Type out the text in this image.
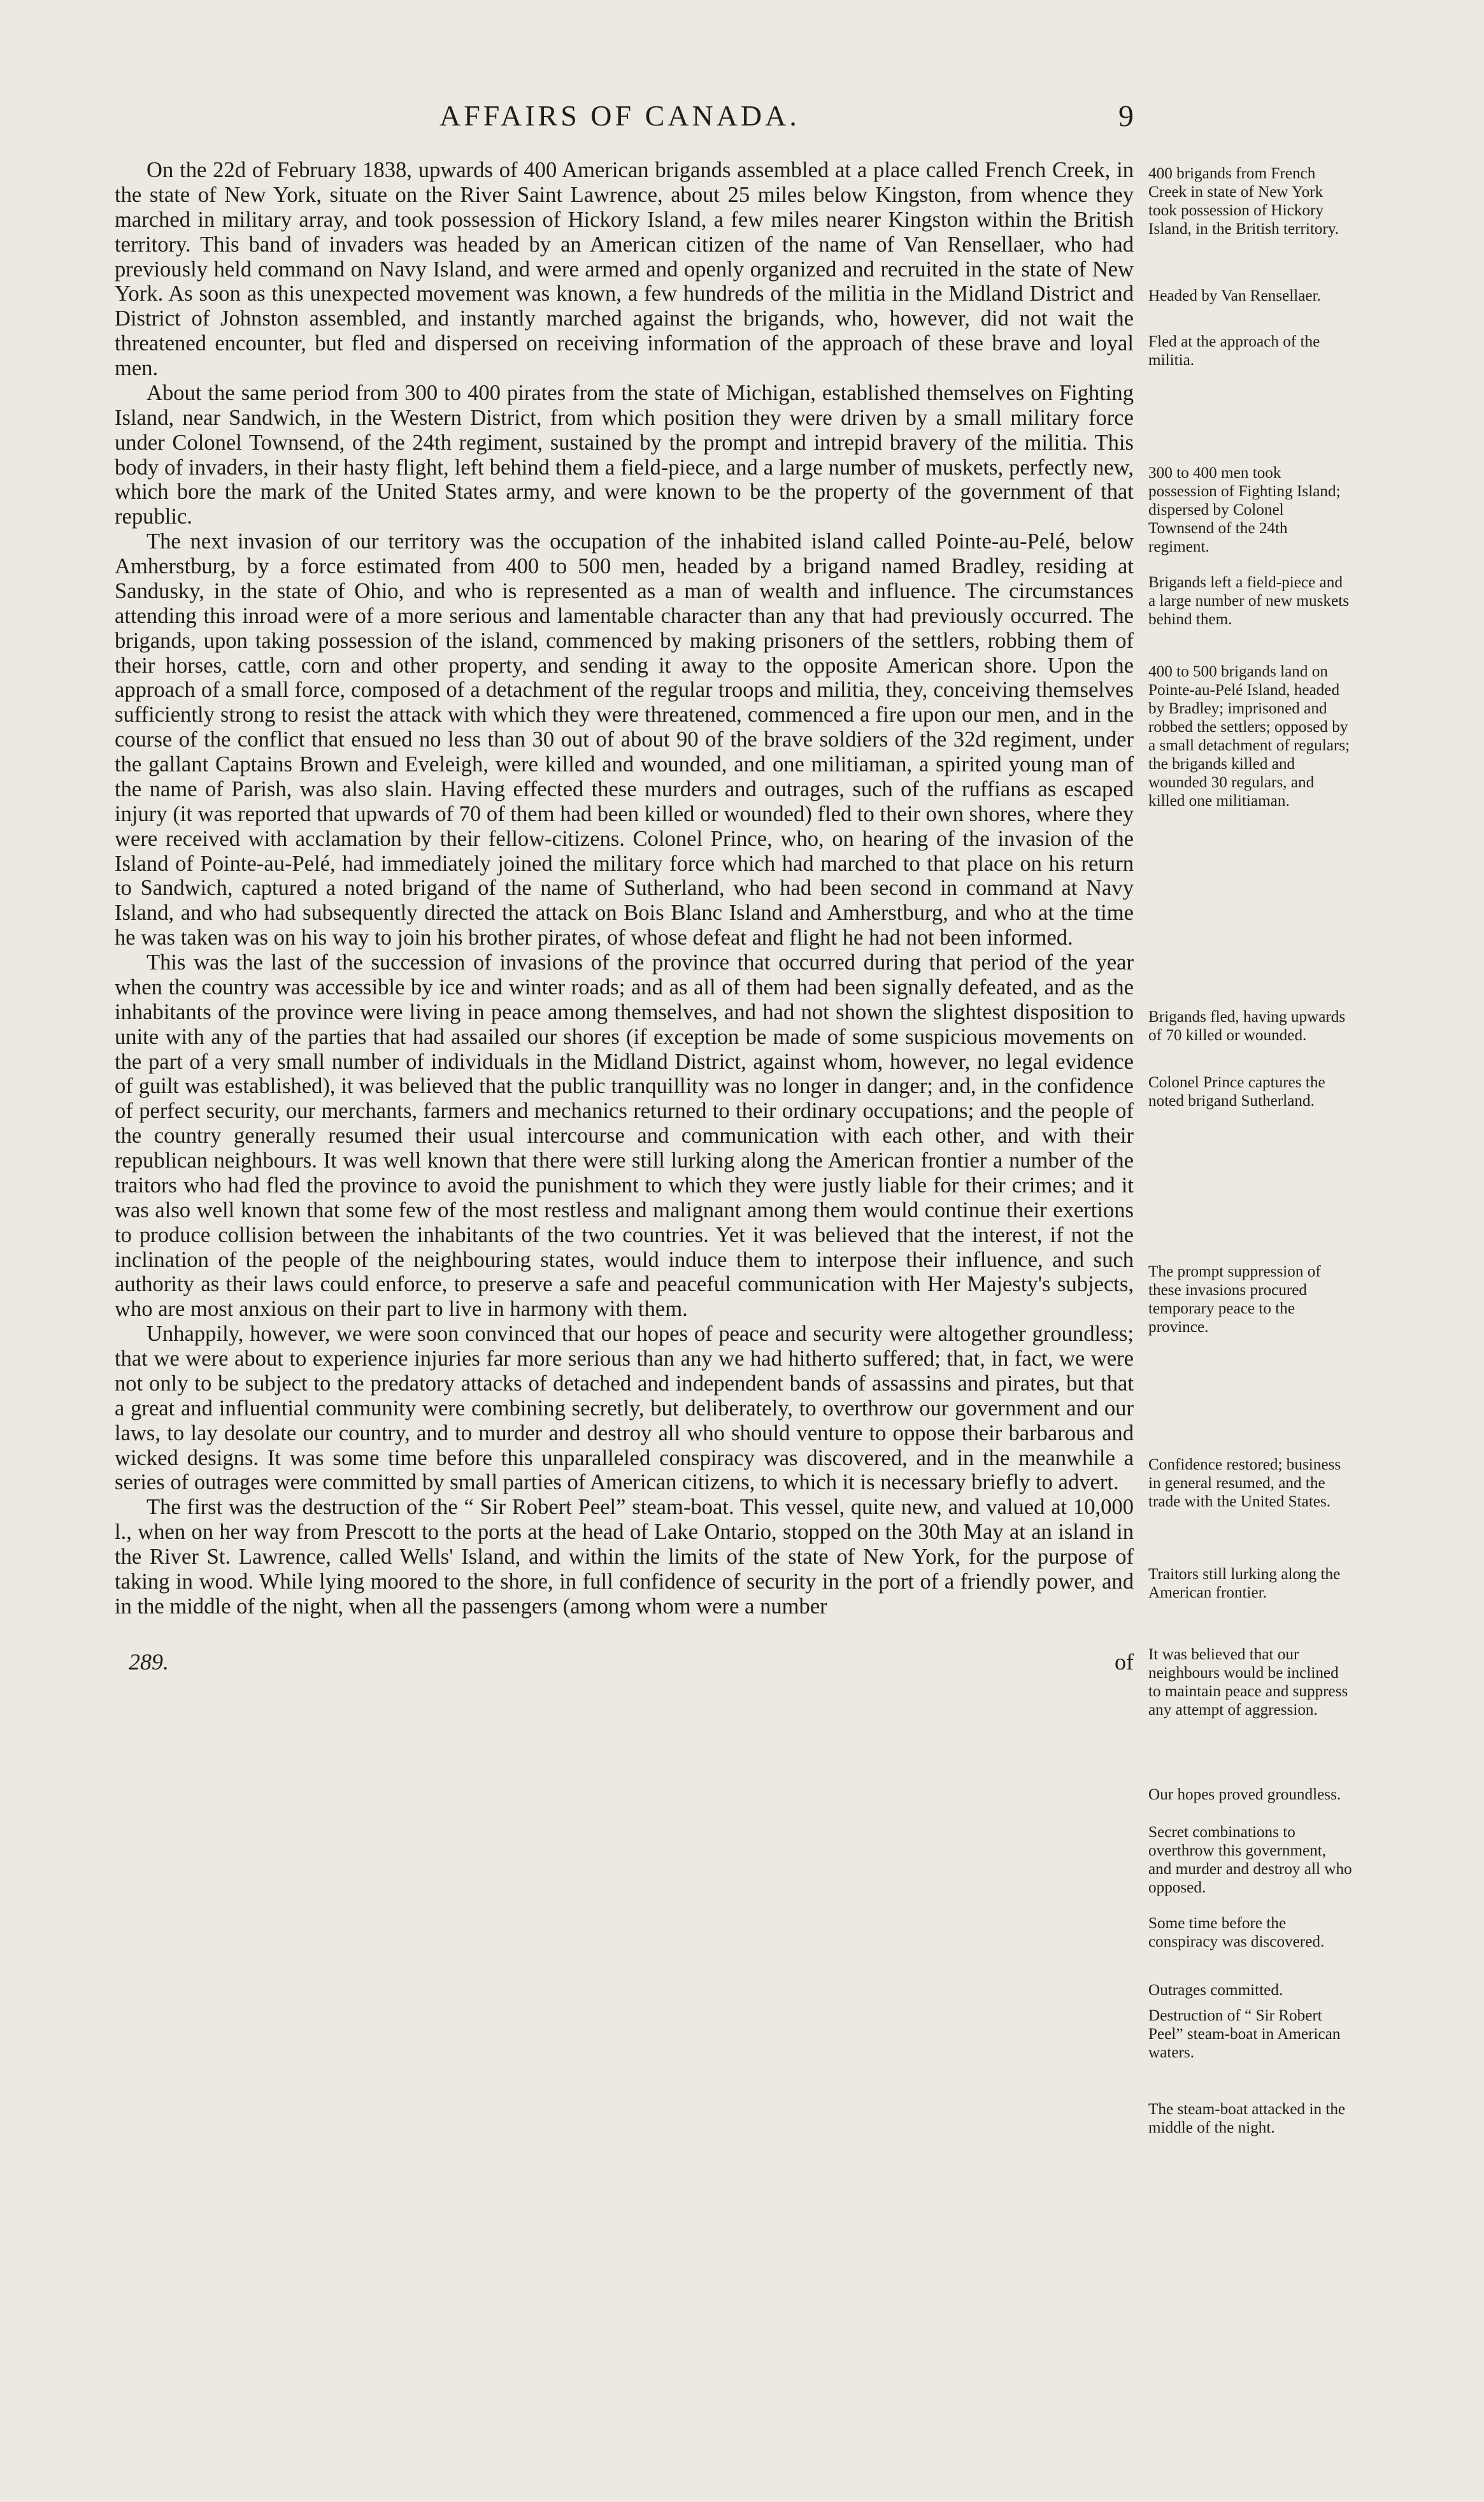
AFFAIRS OF CANADA.	9

On the 22d of February 1838, upwards of 400 American brigands assembled at a place called French Creek, in the state of New York, situate on the River Saint Lawrence, about 25 miles below Kingston, from whence they marched in military array, and took possession of Hickory Island, a few miles nearer Kingston within the British territory. This band of invaders was headed by an American citizen of the name of Van Rensellaer, who had previously held command on Navy Island, and were armed and openly organized and recruited in the state of New York. As soon as this unexpected movement was known, a few hundreds of the militia in the Midland District and District of Johnston assembled, and instantly marched against the brigands, who, however, did not wait the threatened encounter, but fled and dispersed on receiving information of the approach of these brave and loyal men.

About the same period from 300 to 400 pirates from the state of Michigan, established themselves on Fighting Island, near Sandwich, in the Western District, from which position they were driven by a small military force under Colonel Townsend, of the 24th regiment, sustained by the prompt and intrepid bravery of the militia. This body of invaders, in their hasty flight, left behind them a field-piece, and a large number of muskets, perfectly new, which bore the mark of the United States army, and were known to be the property of the government of that republic.

The next invasion of our territory was the occupation of the inhabited island called Pointe-au-Pelé, below Amherstburg, by a force estimated from 400 to 500 men, headed by a brigand named Bradley, residing at Sandusky, in the state of Ohio, and who is represented as a man of wealth and influence. The circumstances attending this inroad were of a more serious and lamentable character than any that had previously occurred. The brigands, upon taking possession of the island, commenced by making prisoners of the settlers, robbing them of their horses, cattle, corn and other property, and sending it away to the opposite American shore. Upon the approach of a small force, composed of a detachment of the regular troops and militia, they, conceiving themselves sufficiently strong to resist the attack with which they were threatened, commenced a fire upon our men, and in the course of the conflict that ensued no less than 30 out of about 90 of the brave soldiers of the 32d regiment, under the gallant Captains Brown and Eveleigh, were killed and wounded, and one militiaman, a spirited young man of the name of Parish, was also slain. Having effected these murders and outrages, such of the ruffians as escaped injury (it was reported that upwards of 70 of them had been killed or wounded) fled to their own shores, where they were received with acclamation by their fellow-citizens. Colonel Prince, who, on hearing of the invasion of the Island of Pointe-au-Pelé, had immediately joined the military force which had marched to that place on his return to Sandwich, captured a noted brigand of the name of Sutherland, who had been second in command at Navy Island, and who had subsequently directed the attack on Bois Blanc Island and Amherstburg, and who at the time he was taken was on his way to join his brother pirates, of whose defeat and flight he had not been informed.

This was the last of the succession of invasions of the province that occurred during that period of the year when the country was accessible by ice and winter roads; and as all of them had been signally defeated, and as the inhabitants of the province were living in peace among themselves, and had not shown the slightest disposition to unite with any of the parties that had assailed our shores (if exception be made of some suspicious movements on the part of a very small number of individuals in the Midland District, against whom, however, no legal evidence of guilt was established), it was believed that the public tranquillity was no longer in danger; and, in the confidence of perfect security, our merchants, farmers and mechanics returned to their ordinary occupations; and the people of the country generally resumed their usual intercourse and communication with each other, and with their republican neighbours. It was well known that there were still lurking along the American frontier a number of the traitors who had fled the province to avoid the punishment to which they were justly liable for their crimes; and it was also well known that some few of the most restless and malignant among them would continue their exertions to produce collision between the inhabitants of the two countries. Yet it was believed that the interest, if not the inclination of the people of the neighbouring states, would induce them to interpose their influence, and such authority as their laws could enforce, to preserve a safe and peaceful communication with Her Majesty's subjects, who are most anxious on their part to live in harmony with them.

Unhappily, however, we were soon convinced that our hopes of peace and security were altogether groundless; that we were about to experience injuries far more serious than any we had hitherto suffered; that, in fact, we were not only to be subject to the predatory attacks of detached and independent bands of assassins and pirates, but that a great and influential community were combining secretly, but deliberately, to overthrow our government and our laws, to lay desolate our country, and to murder and destroy all who should venture to oppose their barbarous and wicked designs. It was some time before this unparalleled conspiracy was discovered, and in the meanwhile a series of outrages were committed by small parties of American citizens, to which it is necessary briefly to advert.

The first was the destruction of the “ Sir Robert Peel” steam-boat. This vessel, quite new, and valued at 10,000 l., when on her way from Prescott to the ports at the head of Lake Ontario, stopped on the 30th May at an island in the River St. Lawrence, called Wells' Island, and within the limits of the state of New York, for the purpose of taking in wood. While lying moored to the shore, in full confidence of security in the port of a friendly power, and in the middle of the night, when all the passengers (among whom were a number

289.	of
400 brigands from French Creek in state of New York took possession of Hickory Island, in the British territory.
Headed by Van Rensellaer.
Fled at the approach of the militia.
300 to 400 men took possession of Fighting Island; dispersed by Colonel Townsend of the 24th regiment.
Brigands left a field-piece and a large number of new muskets behind them.
400 to 500 brigands land on Pointe-au-Pelé Island, headed by Bradley; imprisoned and robbed the settlers; opposed by a small detachment of regulars; the brigands killed and wounded 30 regulars, and killed one militiaman.
Brigands fled, having upwards of 70 killed or wounded.
Colonel Prince captures the noted brigand Sutherland.
The prompt suppression of these invasions procured temporary peace to the province.
Confidence restored; business in general resumed, and the trade with the United States.
Traitors still lurking along the American frontier.
It was believed that our neighbours would be inclined to maintain peace and suppress any attempt of aggression.
Our hopes proved groundless.
Secret combinations to overthrow this government, and murder and destroy all who opposed.
Some time before the conspiracy was discovered.
Outrages committed.
Destruction of “ Sir Robert Peel” steam-boat in American waters.
The steam-boat attacked in the middle of the night.
